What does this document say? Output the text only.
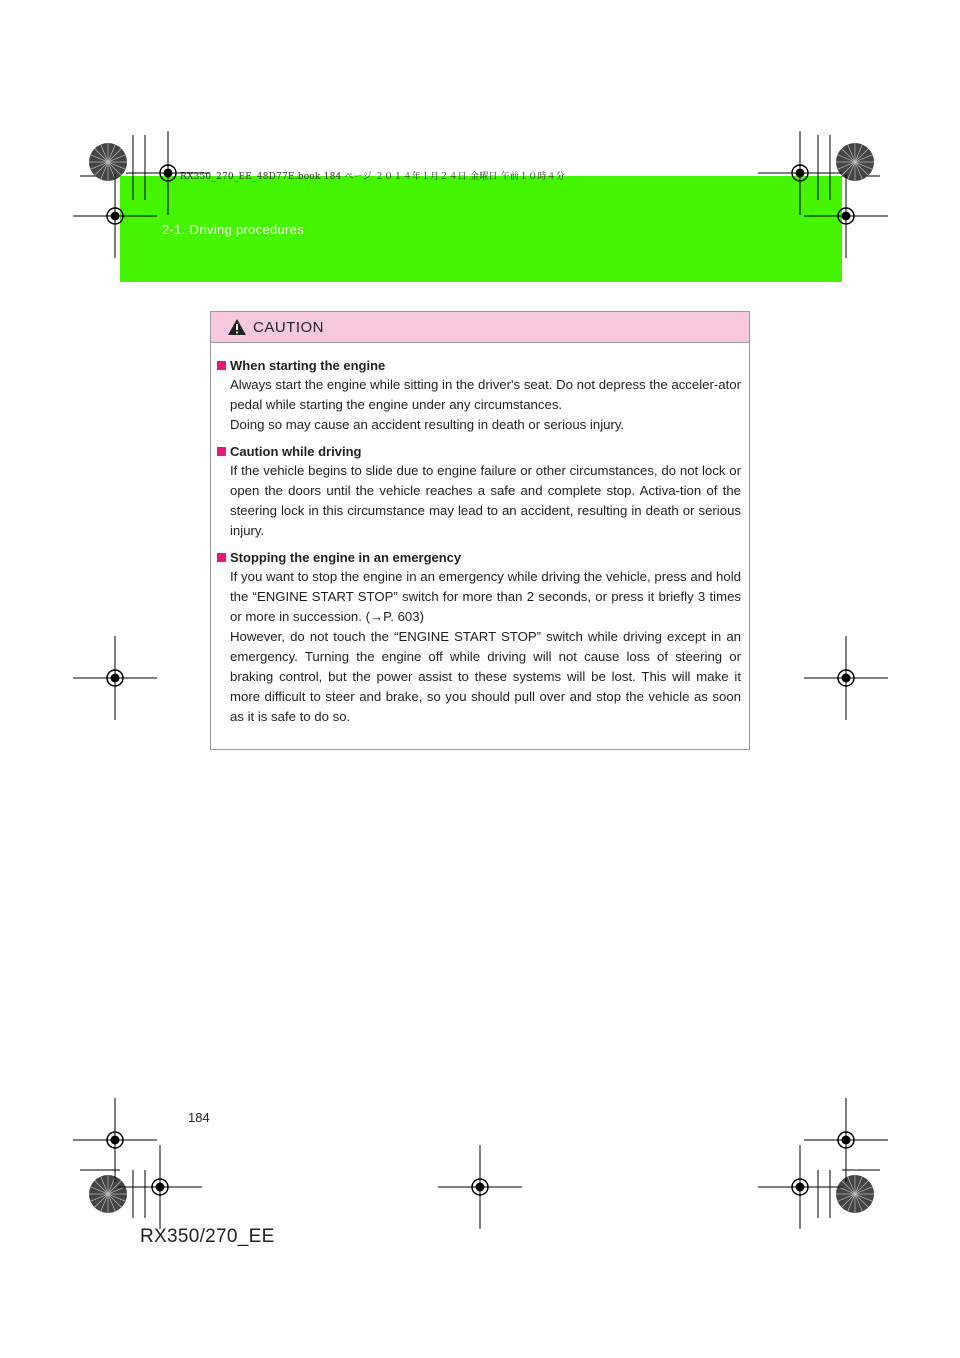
RX350_270_EE_48D77E.book 184 ページ ２０１４年１月２４日 金曜日 午前１０時４分
2-1. Driving procedures
CAUTION
When starting the engine
Always start the engine while sitting in the driver's seat. Do not depress the acceler-ator pedal while starting the engine under any circumstances.
Doing so may cause an accident resulting in death or serious injury.
Caution while driving
If the vehicle begins to slide due to engine failure or other circumstances, do not lock or open the doors until the vehicle reaches a safe and complete stop. Activa-tion of the steering lock in this circumstance may lead to an accident, resulting in death or serious injury.
Stopping the engine in an emergency
If you want to stop the engine in an emergency while driving the vehicle, press and hold the “ENGINE START STOP” switch for more than 2 seconds, or press it briefly 3 times or more in succession. (→P. 603)
However, do not touch the “ENGINE START STOP” switch while driving except in an emergency. Turning the engine off while driving will not cause loss of steering or braking control, but the power assist to these systems will be lost. This will make it more difficult to steer and brake, so you should pull over and stop the vehicle as soon as it is safe to do so.
184
RX350/270_EE
